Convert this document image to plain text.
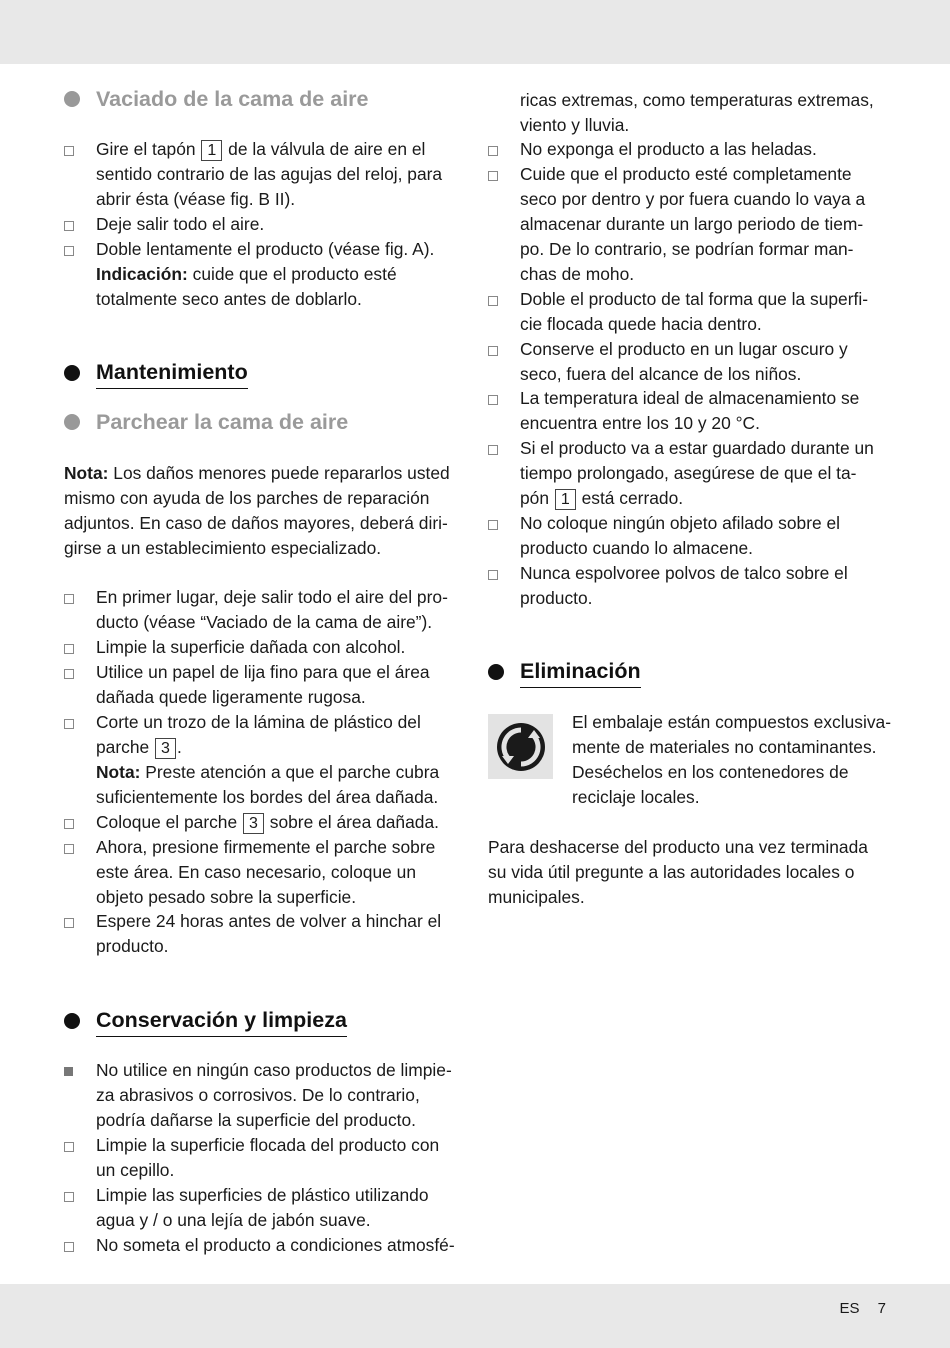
Vaciado de la cama de aire
Gire el tapón 1 de la válvula de aire en el
sentido contrario de las agujas del reloj, para
abrir ésta (véase fig. B II).
Deje salir todo el aire.
Doble lentamente el producto (véase fig. A).
Indicación: cuide que el producto esté
totalmente seco antes de doblarlo.
Mantenimiento
Parchear la cama de aire
Nota: Los daños menores puede repararlos usted
mismo con ayuda de los parches de reparación
adjuntos. En caso de daños mayores, deberá diri-
girse a un establecimiento especializado.
En primer lugar, deje salir todo el aire del pro-
ducto (véase “Vaciado de la cama de aire”).
Limpie la superficie dañada con alcohol.
Utilice un papel de lija fino para que el área
dañada quede ligeramente rugosa.
Corte un trozo de la lámina de plástico del
parche 3 .
Nota: Preste atención a que el parche cubra
suficientemente los bordes del área dañada.
Coloque el parche 3 sobre el área dañada.
Ahora, presione firmemente el parche sobre
este área. En caso necesario, coloque un
objeto pesado sobre la superficie.
Espere 24 horas antes de volver a hinchar el
producto.
Conservación y limpieza
No utilice en ningún caso productos de limpie-
za abrasivos o corrosivos. De lo contrario,
podría dañarse la superficie del producto.
Limpie la superficie flocada del producto con
un cepillo.
Limpie las superficies de plástico utilizando
agua y / o una lejía de jabón suave.
No someta el producto a condiciones atmosfé-
ricas extremas, como temperaturas extremas,
viento y lluvia.
No exponga el producto a las heladas.
Cuide que el producto esté completamente
seco por dentro y por fuera cuando lo vaya a
almacenar durante un largo periodo de tiem-
po. De lo contrario, se podrían formar man-
chas de moho.
Doble el producto de tal forma que la superfi-
cie flocada quede hacia dentro.
Conserve el producto en un lugar oscuro y
seco, fuera del alcance de los niños.
La temperatura ideal de almacenamiento se
encuentra entre los 10 y 20 °C.
Si el producto va a estar guardado durante un
tiempo prolongado, asegúrese de que el ta-
pón 1 está cerrado.
No coloque ningún objeto afilado sobre el
producto cuando lo almacene.
Nunca espolvoree polvos de talco sobre el
producto.
Eliminación
El embalaje están compuestos exclusiva-
mente de materiales no contaminantes.
Deséchelos en los contenedores de
reciclaje locales.
Para deshacerse del producto una vez terminada
su vida útil pregunte a las autoridades locales o
municipales.
ES 7
